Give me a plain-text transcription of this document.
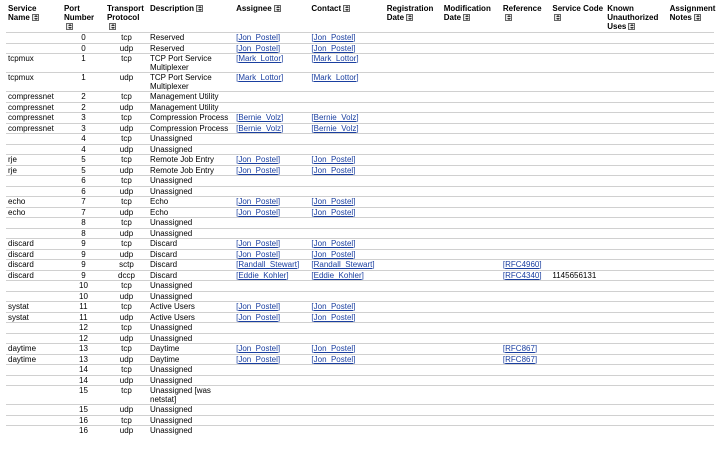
Service Name	Port Number	Transport Protocol	Description	Assignee	Contact	Registration Date	Modification Date	Reference	Service Code	Known Unauthorized Uses	Assignment Notes
	0	tcp	Reserved	[ Jon_Postel ]	[ Jon_Postel ]						
	0	udp	Reserved	[ Jon_Postel ]	[ Jon_Postel ]						
tcpmux	1	tcp	TCP Port Service Multiplexer	[ Mark_Lottor ]	[ Mark_Lottor ]						
tcpmux	1	udp	TCP Port Service Multiplexer	[ Mark_Lottor ]	[ Mark_Lottor ]						
compressnet	2	tcp	Management Utility								
compressnet	2	udp	Management Utility								
compressnet	3	tcp	Compression Process	[ Bernie_Volz ]	[ Bernie_Volz ]						
compressnet	3	udp	Compression Process	[ Bernie_Volz ]	[ Bernie_Volz ]						
	4	tcp	Unassigned								
	4	udp	Unassigned								
rje	5	tcp	Remote Job Entry	[ Jon_Postel ]	[ Jon_Postel ]						
rje	5	udp	Remote Job Entry	[ Jon_Postel ]	[ Jon_Postel ]						
	6	tcp	Unassigned								
	6	udp	Unassigned								
echo	7	tcp	Echo	[ Jon_Postel ]	[ Jon_Postel ]						
echo	7	udp	Echo	[ Jon_Postel ]	[ Jon_Postel ]						
	8	tcp	Unassigned								
	8	udp	Unassigned								
discard	9	tcp	Discard	[ Jon_Postel ]	[ Jon_Postel ]						
discard	9	udp	Discard	[ Jon_Postel ]	[ Jon_Postel ]						
discard	9	sctp	Discard	[ Randall_Stewart ]	[ Randall_Stewart ]			[ RFC4960 ]			
discard	9	dccp	Discard	[ Eddie_Kohler ]	[ Eddie_Kohler ]			[ RFC4340 ]	1145656131		
	10	tcp	Unassigned								
	10	udp	Unassigned								
systat	11	tcp	Active Users	[ Jon_Postel ]	[ Jon_Postel ]						
systat	11	udp	Active Users	[ Jon_Postel ]	[ Jon_Postel ]						
	12	tcp	Unassigned								
	12	udp	Unassigned								
daytime	13	tcp	Daytime	[ Jon_Postel ]	[ Jon_Postel ]			[ RFC867 ]			
daytime	13	udp	Daytime	[ Jon_Postel ]	[ Jon_Postel ]			[ RFC867 ]			
	14	tcp	Unassigned								
	14	udp	Unassigned								
	15	tcp	Unassigned [was netstat]								
	15	udp	Unassigned								
	16	tcp	Unassigned								
	16	udp	Unassigned								
